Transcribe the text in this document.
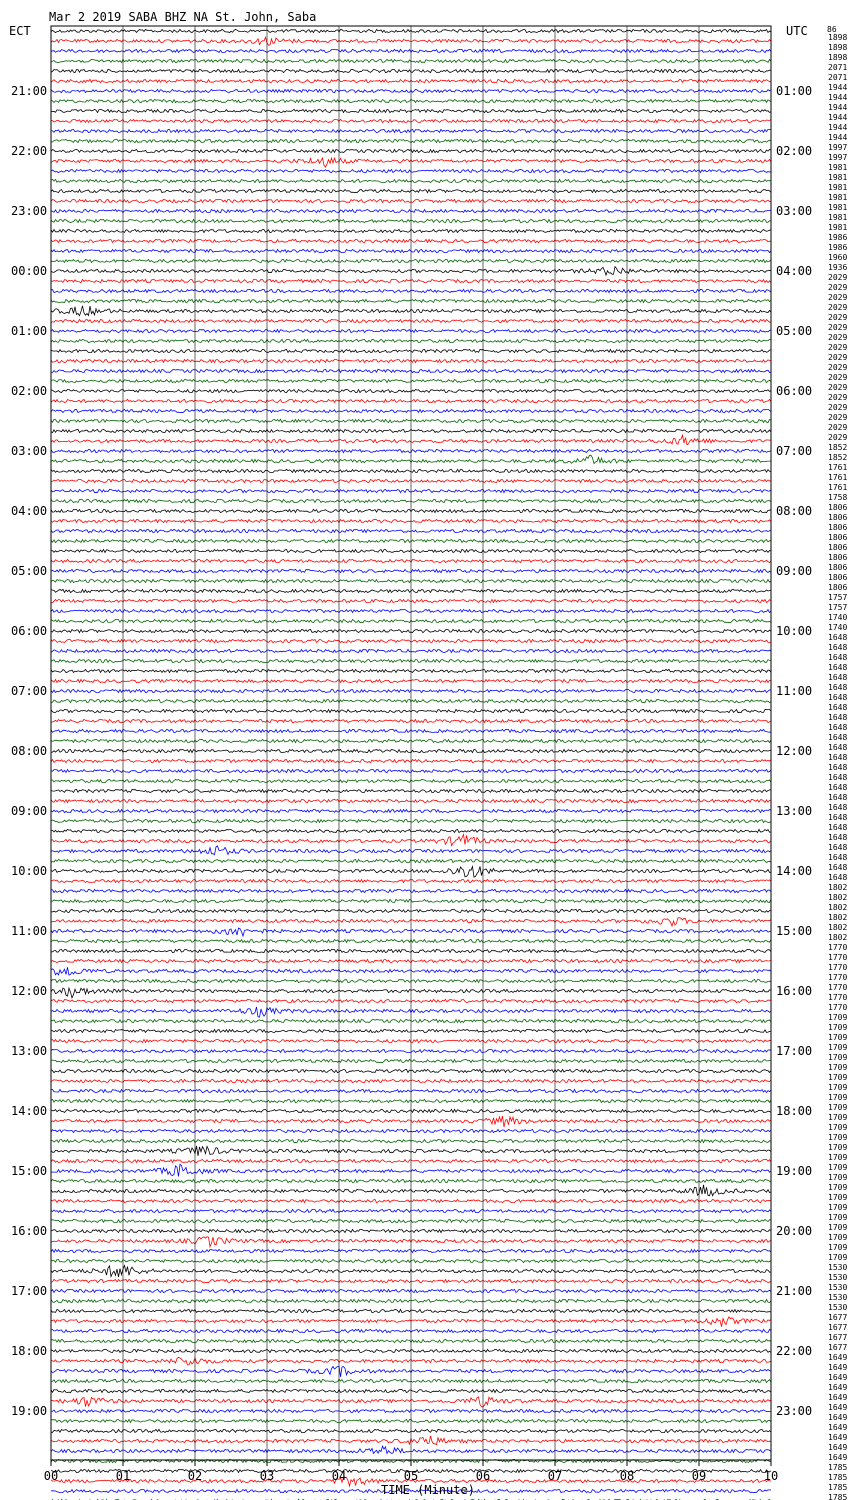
Mar 2 2019 SABA BHZ NA St. John, Saba
ECT	UTC 86
21:00
22:00
23:00
00:00
01:00
02:00
03:00
04:00
05:00
06:00
07:00
08:00
09:00
10:00
11:00
12:00
13:00
14:00
15:00
16:00
17:00
18:00
19:00
01:00
02:00
03:00
04:00
05:00
06:00
07:00
08:00
09:00
10:00
11:00
12:00
13:00
14:00
15:00
16:00
17:00
18:00
19:00
20:00
21:00
22:00
23:00
1898
1898
1898
2071
2071
1944
1944
1944
1944
1944
1944
1997
1997
1981
1981
1981
1981
1981
1981
1981
1986
1986
1960
1936
2029
2029
2029
2029
2029
2029
2029
2029
2029
2029
2029
2029
2029
2029
2029
2029
2029
1852
1852
1761
1761
1761
1758
1806
1806
1806
1806
1806
1806
1806
1806
1806
1757
1757
1740
1740
1648
1648
1648
1648
1648
1648
1648
1648
1648
1648
1648
1648
1648
1648
1648
1648
1648
1648
1648
1648
1648
1648
1648
1648
1648
1802
1802
1802
1802
1802
1802
1770
1770
1770
1770
1770
1770
1770
1709
1709
1709
1709
1709
1709
1709
1709
1709
1709
1709
1709
1709
1709
1709
1709
1709
1709
1709
1709
1709
1709
1709
1709
1709
1530
1530
1530
1530
1530
1677
1677
1677
1677
1649
1649
1649
1649
1649
1649
1649
1649
1649
1649
1649
1785
1785
1785
1785
00	01	02	03	04	05	06	07	08	09	10
TIME (Minute)
